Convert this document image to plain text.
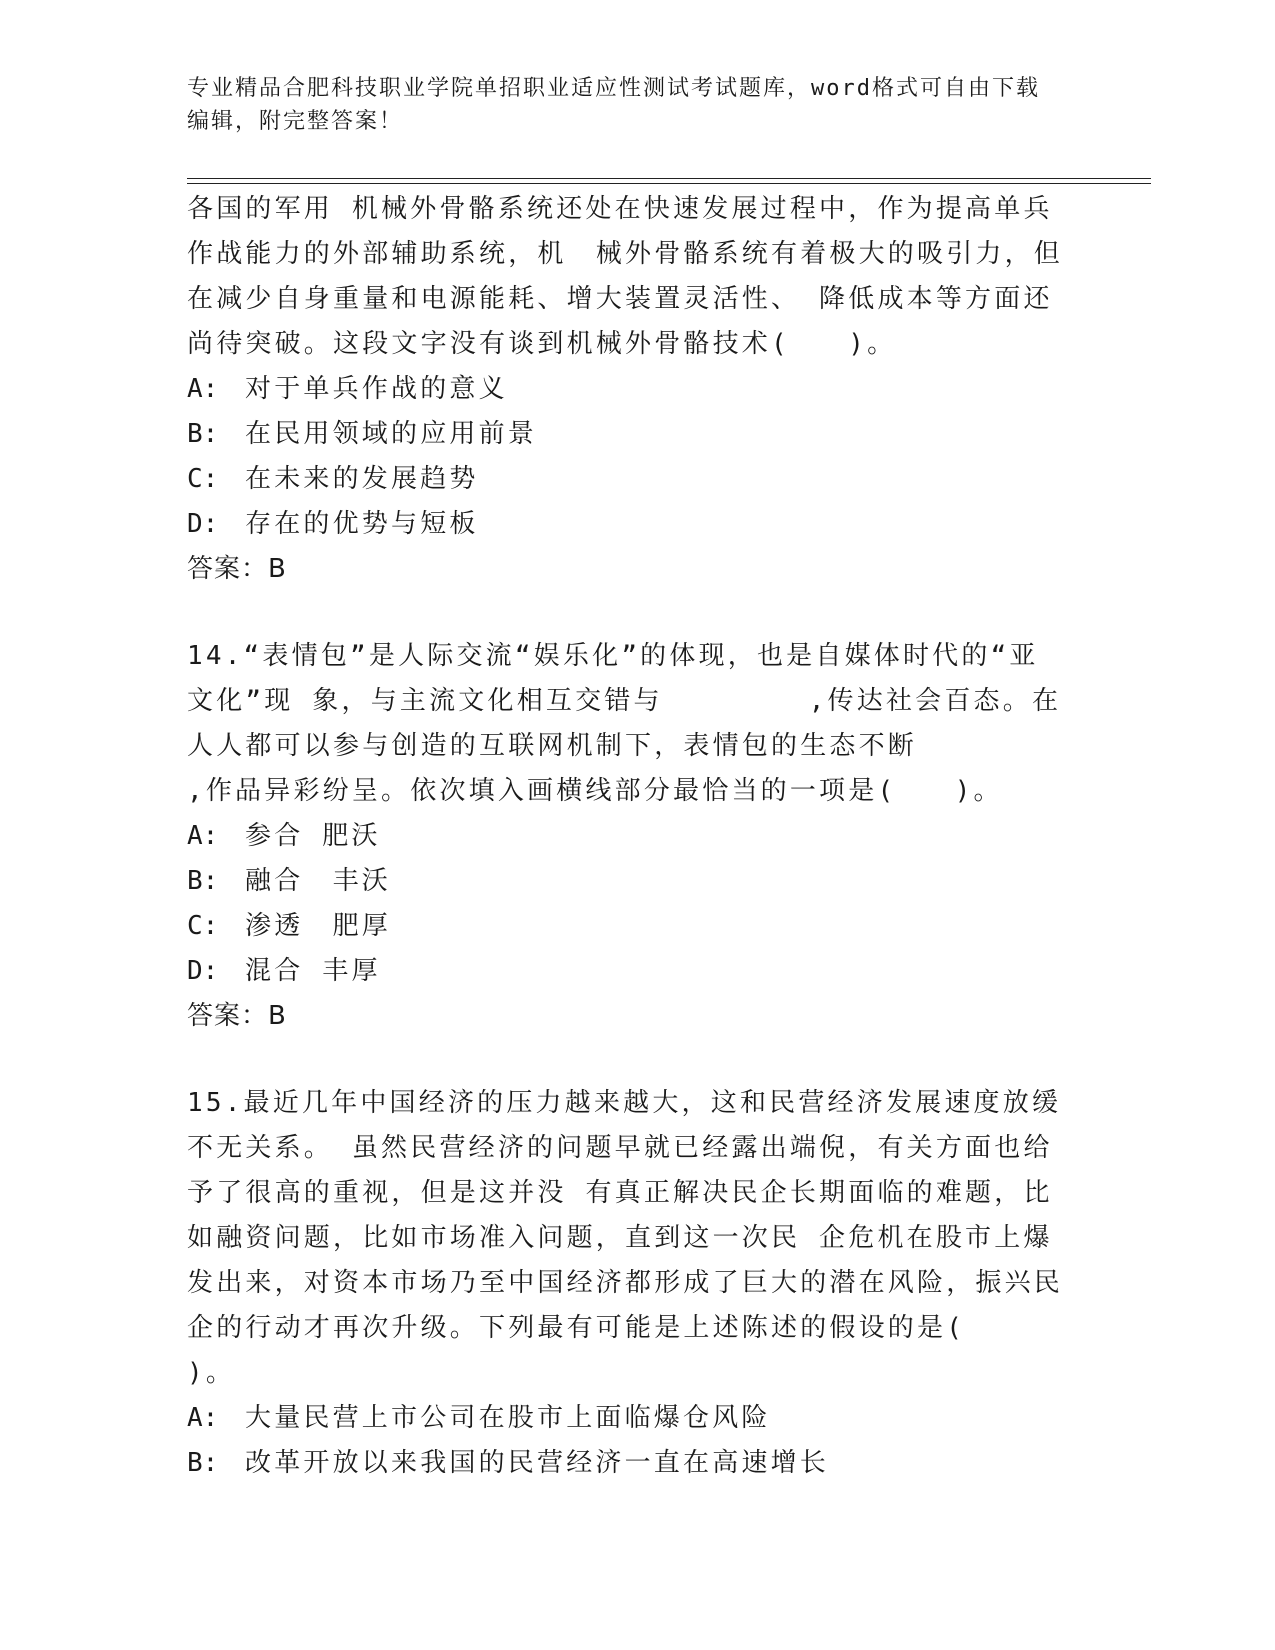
专业精品合肥科技职业学院单招职业适应性测试考试题库，word格式可自由下载
编辑，附完整答案！

各国的军用 机械外骨骼系统还处在快速发展过程中，作为提高单兵作战能力的外部辅助系统，机　械外骨骼系统有着极大的吸引力，但在减少自身重量和电源能耗、增大装置灵活性、 降低成本等方面还尚待突破。这段文字没有谈到机械外骨骼技术(　　)。

A: 对于单兵作战的意义

B: 在民用领域的应用前景

C: 在未来的发展趋势

D: 存在的优势与短板

答案：B

14.“表情包”是人际交流“娱乐化”的体现，也是自媒体时代的“亚文化”现 象，与主流文化相互交错与　　　　　,传达社会百态。在人人都可以参与创造的互联网机制下，表情包的生态不断　　　　　,作品异彩纷呈。依次填入画横线部分最恰当的一项是(　　)。

A: 参合 肥沃

B: 融合　丰沃

C: 渗透　肥厚

D: 混合 丰厚

答案：B

15.最近几年中国经济的压力越来越大，这和民营经济发展速度放缓不无关系。 虽然民营经济的问题早就已经露出端倪，有关方面也给予了很高的重视，但是这并没 有真正解决民企长期面临的难题，比如融资问题，比如市场准入问题，直到这一次民 企危机在股市上爆发出来，对资本市场乃至中国经济都形成了巨大的潜在风险，振兴民企的行动才再次升级。下列最有可能是上述陈述的假设的是(　　)。

A: 大量民营上市公司在股市上面临爆仓风险

B: 改革开放以来我国的民营经济一直在高速增长
